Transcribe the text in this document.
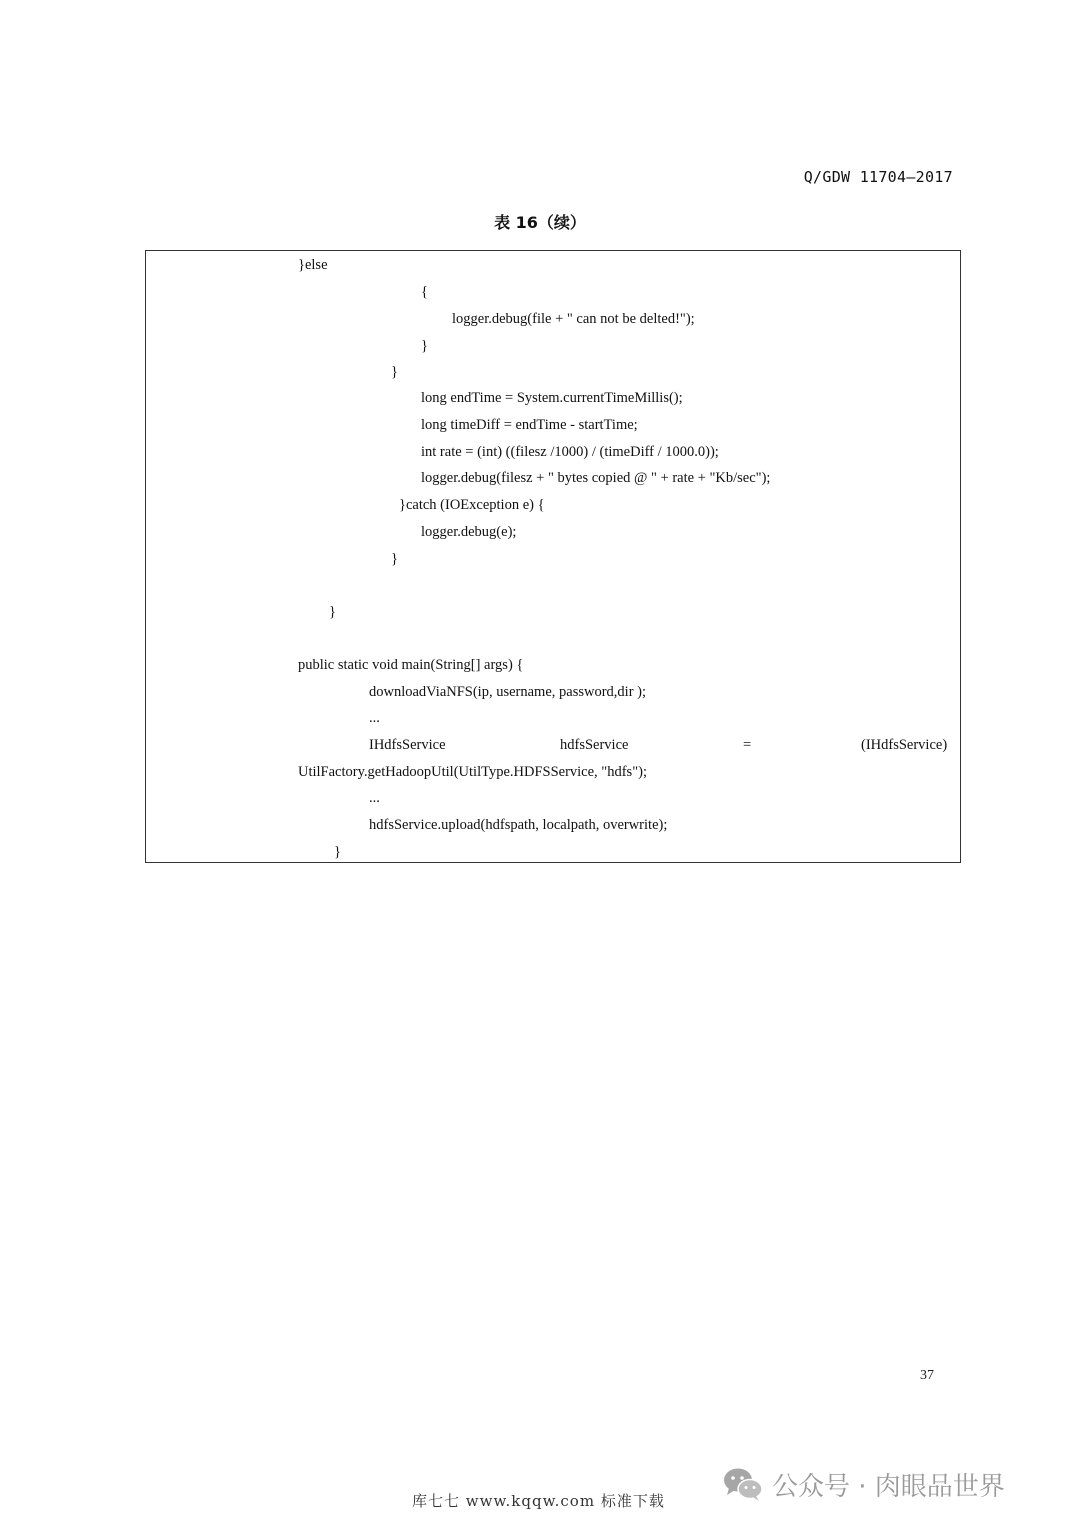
Q/GDW 11704—2017
表 16（续）
}else
{
logger.debug(file + " can not be delted!");
}
}
long endTime = System.currentTimeMillis();
long timeDiff = endTime - startTime;
int rate = (int) ((filesz /1000) / (timeDiff / 1000.0));
logger.debug(filesz + " bytes copied @ " + rate + "Kb/sec");
}catch (IOException e) {
logger.debug(e);
}
}
public static void main(String[] args) {
downloadViaNFS(ip, username, password,dir );
...
IHdfsService	hdfsService	=	(IHdfsService)
UtilFactory.getHadoopUtil(UtilType.HDFSService, "hdfs");
...
hdfsService.upload(hdfspath, localpath, overwrite);
}
37
库七七 www.kqqw.com 标准下载	公众号 · 肉眼品世界
